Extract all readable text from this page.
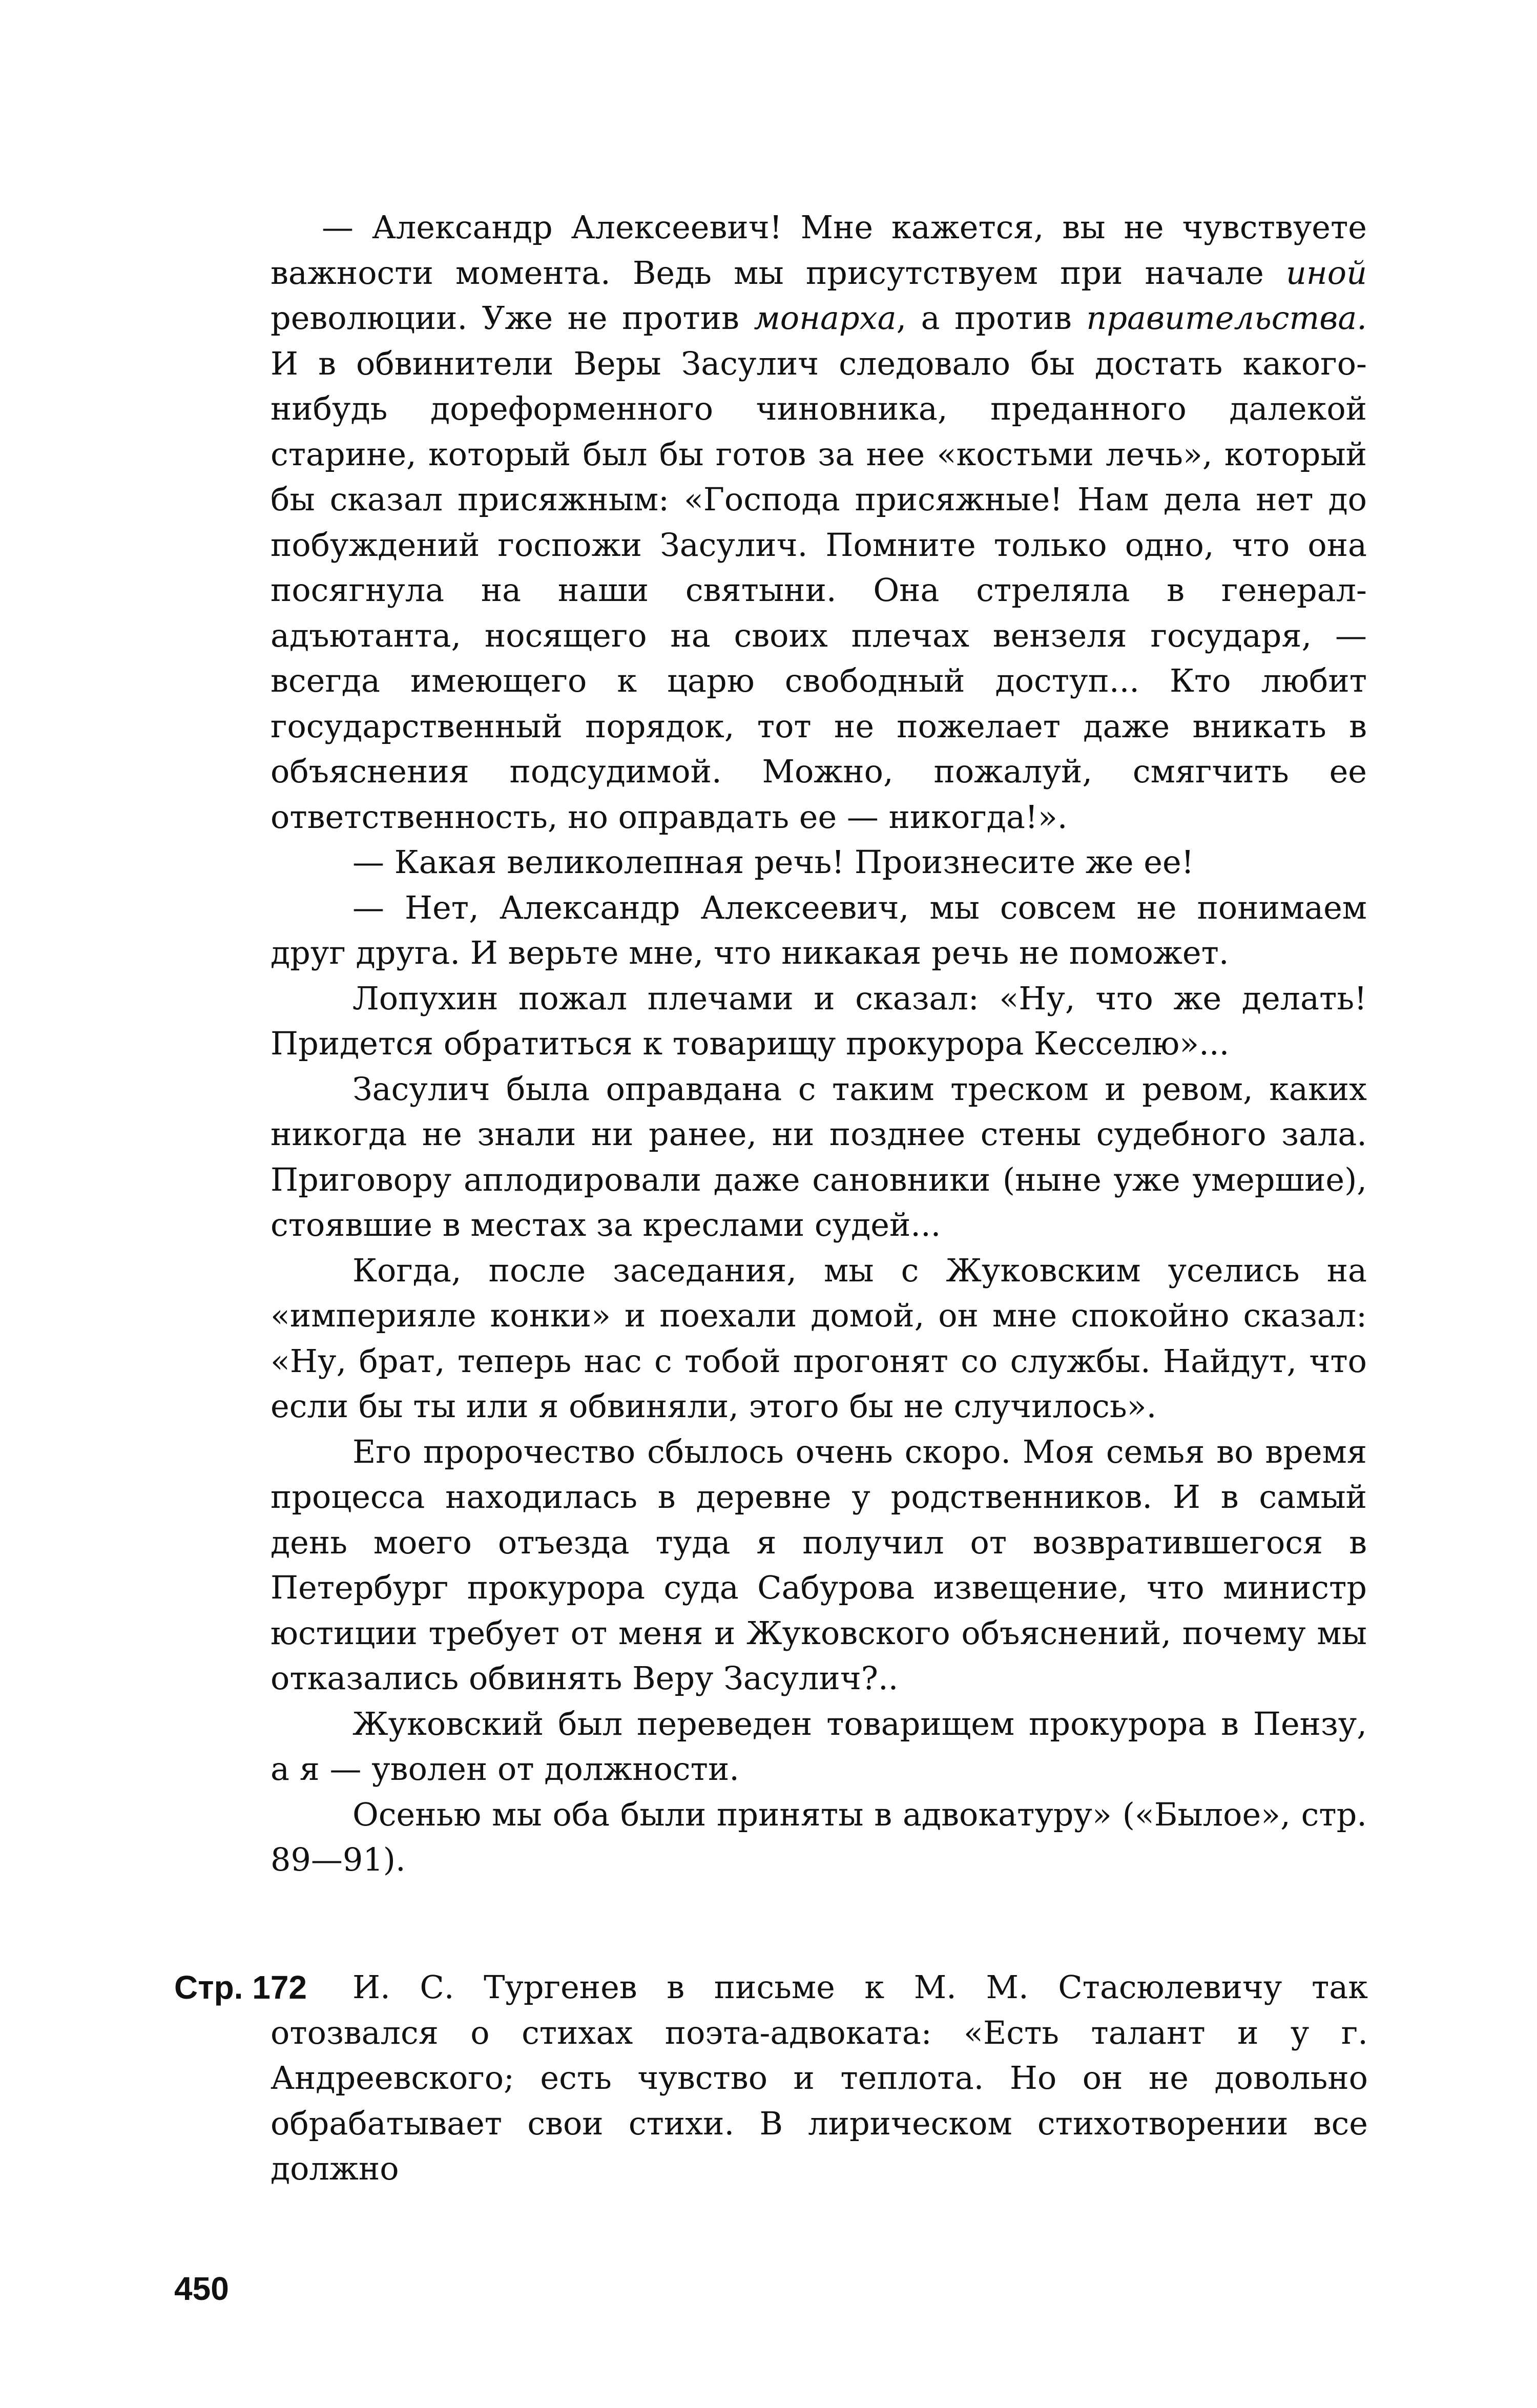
— Александр Алексеевич! Мне кажется, вы не чувствуете важности момента. Ведь мы присутствуем при начале иной революции. Уже не против монарха, а против правительства. И в обвинители Веры Засулич следовало бы достать какого-нибудь дореформенного чиновника, преданного далекой старине, который был бы готов за нее «костьми лечь», который бы сказал присяжным: «Господа присяжные! Нам дела нет до побуждений госпожи Засулич. Помните только одно, что она посягнула на наши святыни. Она стреляла в генерал-адъютанта, носящего на своих плечах вензеля государя, — всегда имеющего к царю свободный доступ... Кто любит государственный порядок, тот не пожелает даже вникать в объяснения подсудимой. Можно, пожалуй, смягчить ее ответственность, но оправдать ее — никогда!».

— Какая великолепная речь! Произнесите же ее!

— Нет, Александр Алексеевич, мы совсем не понимаем друг друга. И верьте мне, что никакая речь не поможет.

Лопухин пожал плечами и сказал: «Ну, что же делать! Придется обратиться к товарищу прокурора Кесселю»...

Засулич была оправдана с таким треском и ревом, каких никогда не знали ни ранее, ни позднее стены судебного зала. Приговору аплодировали даже сановники (ныне уже умершие), стоявшие в местах за креслами судей...

Когда, после заседания, мы с Жуковским уселись на «империяле конки» и поехали домой, он мне спокойно сказал: «Ну, брат, теперь нас с тобой прогонят со службы. Найдут, что если бы ты или я обвиняли, этого бы не случилось».

Его пророчество сбылось очень скоро. Моя семья во время процесса находилась в деревне у родственников. И в самый день моего отъезда туда я получил от возвратившегося в Петербург прокурора суда Сабурова извещение, что министр юстиции требует от меня и Жуковского объяснений, почему мы отказались обвинять Веру Засулич?..

Жуковский был переведен товарищем прокурора в Пензу, а я — уволен от должности.

Осенью мы оба были приняты в адвокатуру» («Былое», стр. 89—91).

Стр. 172	И. С. Тургенев в письме к М. М. Стасюлевичу так отозвался о стихах поэта-адвоката: «Есть талант и у г. Андреевского; есть чувство и теплота. Но он не довольно обрабатывает свои стихи. В лирическом стихотворении все должно

450
